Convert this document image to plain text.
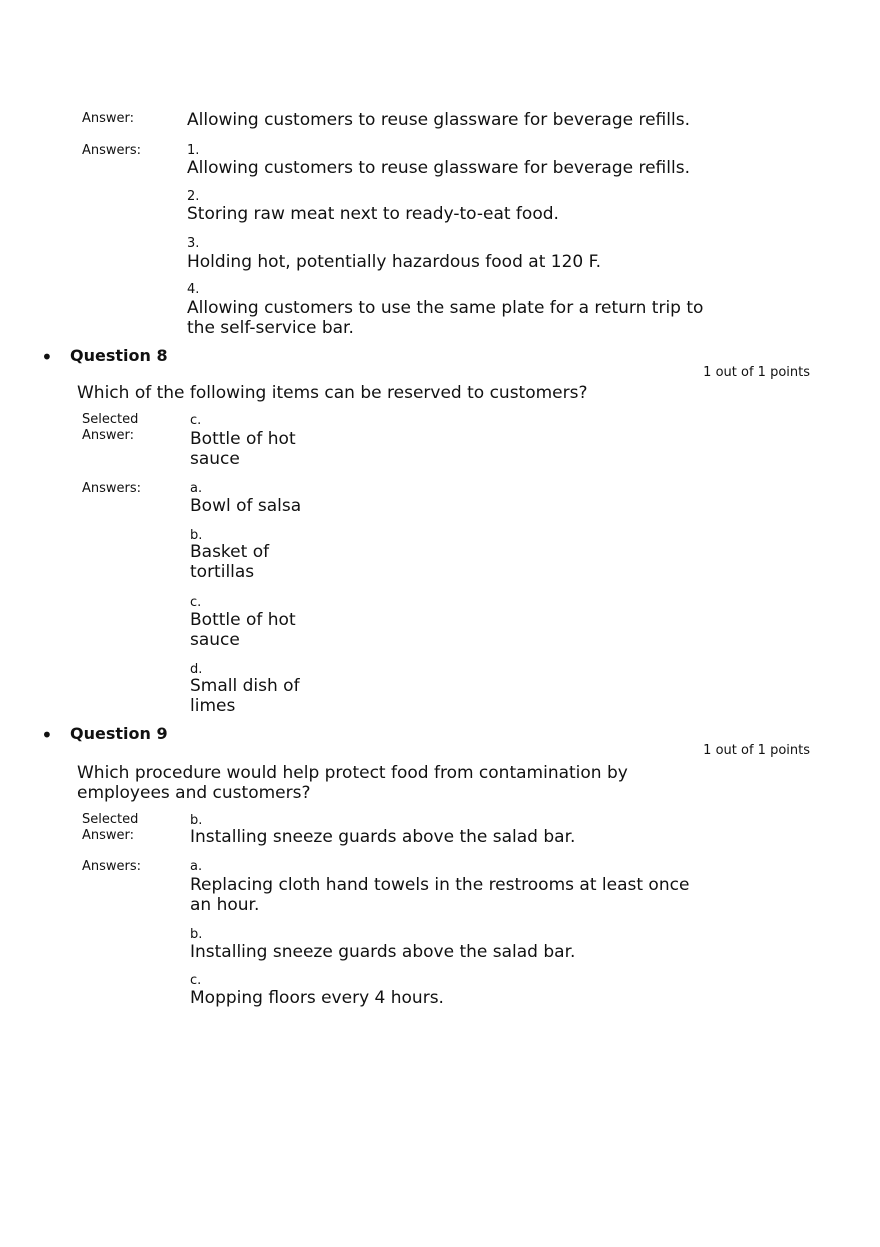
Answer:	Allowing customers to reuse glassware for beverage refills.
Answers:	1.
Allowing customers to reuse glassware for beverage refills.
2.
Storing raw meat next to ready-to-eat food.
3.
Holding hot, potentially hazardous food at 120 F.
4.
Allowing customers to use the same plate for a return trip to the self-service bar.
• Question 8
1 out of 1 points
Which of the following items can be reserved to customers?
Selected
Answer:
c.
Bottle of hot sauce
Answers:	a.
Bowl of salsa
b.
Basket of tortillas
c.
Bottle of hot sauce
d.
Small dish of limes
• Question 9
1 out of 1 points
Which procedure would help protect food from contamination by employees and customers?
Selected
Answer:
b.
Installing sneeze guards above the salad bar.
Answers:	a.
Replacing cloth hand towels in the restrooms at least once an hour.
b.
Installing sneeze guards above the salad bar.
c.
Mopping floors every 4 hours.
